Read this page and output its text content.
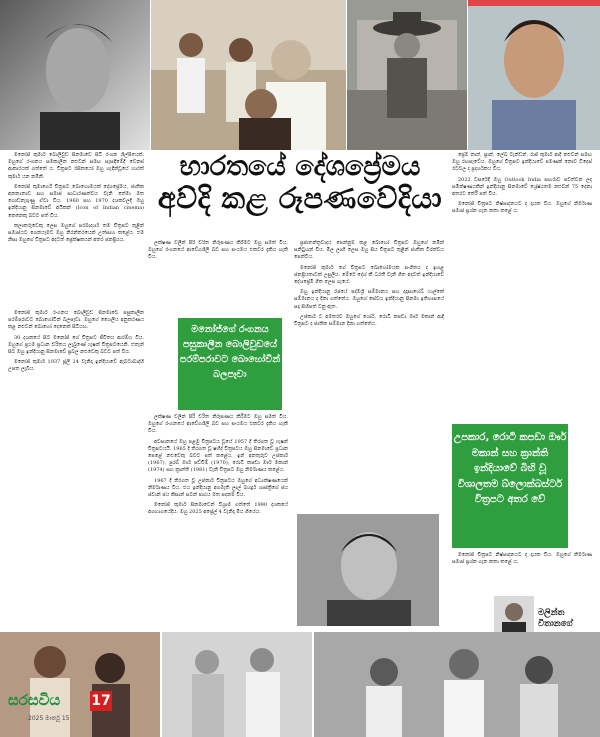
භාරතයේ දේශප්‍රේමය
අව්දි කළ රූපණවේදියා

මනෝජ් කුමාර් බොලිවුඩ් සිනමාවේ සිටි රංගන ශිල්පියෙක්. ඔහුගේ රංගනය සමකාලීන නළුවන් සමඟ සැසඳීමේදී වෙනස් ආකාරයක් ගත්තේ ය. චිත්‍රපට රසිකයෝ ඔහු හැඳින්වූයේ භාරත් කුමාර් යන නමිනි.

මනෝජ් කුමාර්ගේ චිත්‍රපට බොහොමයක් දේශප්‍රේමය, ජාතික අනන්‍යතාව සහ සමාජ සාධාරණත්වය වැනි තේමා මත ගොඩනැගුණු ඒවා විය. 1960 සහ 1970 දශකවලදී ඔහු ඉන්දියානු සිනමාවේ අයිකන් (Icon of Indian cinema) කෙනෙකු බවට පත් විය.

කලාකරුවෙකු ලෙස ඔහුගේ පරමාදර්ශ තම චිත්‍රපට තුළින් සමාජයට ගෙනයෑමට ඔහු නිරන්තරයෙන් උත්සාහ කළේය. එම නිසා ඔහුගේ චිත්‍රපට අදටත් ප්‍රේක්ෂකයන් අතර ජනප්‍රියය.

මනෝජ් කුමාර් රංගනය බොලිවුඩ් සිනමාවේ පසුකාලීන පරම්පරාවට බොහෝවින් බලපෑවා. ඔහුගේ ශෛලිය අනුකරණය කළ නළුවන් බොහෝ දෙනෙක් සිටියහ.

30 දශකයේ සිට මනෝජ් ගේ චිත්‍රපට ජීවිතය ආරම්භ විය. ඔහුගේ ප්‍රථම ප්‍රධාන චරිතය ලැබුණේ ෆැෂන් චිත්‍රපටයෙනි. එතැන් සිට ඔහු ඉන්දියානු සිනමාවේ ප්‍රබල නළුවෙකු බවට පත් විය.

මනෝජ් කුමාර් 1937 ජූලි 24 වැනිදා ඉන්දියාවේ ඇබටාබාද්හි උපත ලැබීය.

ලක්ෂණ වලින් පිරි චරිත නිරූපණය කිරීමට ඔහු සමත් විය. ඔහුගේ රංගනයේ ආවේගශීලී බව සහ සංයමය එකවර දැකිය හැකි විය.

අවසානයේ ඔහු පළමු විත්‍රපටය වූයේ 1957 දී තිරගත වූ ෆැෂන් චිත්‍රපටයයි. 1965 දී තිරගත වූ ෂහීද් චිත්‍රපටය ඔහු සිනමාවේ ප්‍රධාන පෙළේ නළුවෙකු බවට පත් කළේය. ඉන් අනතුරුව උප්කාර් (1967), පුරබ් ඖර් පච්චිම් (1970), රොටි කපඩා ඖර් මකාන් (1974) සහ ක්‍රාන්ති (1981) වැනි චිත්‍රපට ඔහු නිර්මාණය කළේය.

1967 දී තිරගත වූ උප්කාර් චිත්‍රපටය ඔහුගේ අධ්‍යක්ෂණයෙන් නිර්මාණය විය. එය ඉන්දියානු අගමැති ලාල් බහදූර් ශාස්ත්‍රීගේ ජය ජවාන් ජය කිසාන් සටන් පාඨය මත පදනම් විය.

මනෝජ් කුමාර් සිනමාවෙන් විශ්‍රාම ගත්තේ 1990 දශකයේ අගභාගයේදීය. ඔහු 2025 අප්‍රේල් 4 වැනිදා මිය ගියේය.

ලක්ෂණ වලින් පිරි චරිත නිරූපණය කිරීමට ඔහු සමත් විය. ඔහුගේ රංගනයේ ආවේගශීලී බව සහ සංයමය එකවර දැකිය හැකි විය.

මනෝජ්ගේ රංගනය පසුකාලීන බොලිවුඩයේ පරම්පරාවට බොහෝවින් බලපෑවා

ප්‍රජාතන්ත්‍රවාදය පෙන්නුම් කළ බොහෝ චිත්‍රපට ඔහුගේ නමින් සනිටුහන් විය. මිල ලාභී ලෙස ඔහු සිය චිත්‍රපට තුළින් ජාතික වීරත්වය පෙන්වීය.

මනෝජ් කුමාර් ගේ චිත්‍රපට බොහෝමයක සංගීතය ද ඉහළ ජනප්‍රියතාවක් උසුලීය. මේරේ දේශ් කී ධරතී වැනි ගීත අදටත් ඉන්දියාවේ දේශප්‍රේමී ගීත ලෙස ගැයේ.

ඔහු ඉන්දියානු රජයේ පද්මශ්‍රී සම්මානය සහ දාදාසාහේබ් ෆාල්කේ සම්මානය ද දිනා ගත්තේය. ඔහුගේ සේවය ඉන්දියානු සිනමා ඉතිහාසයේ සදා සිහිපත් වනු ඇත.

උප්කාර් ට අමතරව ඔහුගේ ශෝර්, රොටි කපඩා ඖර් මකාන් ආදී චිත්‍රපට ද ජාතික සම්මාන දිනා ගත්තේය.

ප්‍රේම් නාත්, ප්‍රාන්, ලේඛ් ටැන්ඩන්, රාජ් කුමාර් ආදී නළුවන් සමඟ ඔහු රඟපෑවේය. ඔහුගේ චිත්‍රපට ඉන්දියාවේ පමණක් නොව විදෙස් රටවල ද ප්‍රදර්ශනය විය.

2022 වසරේදී ඔහු Outlook India සඟරාව පවත්වන ලද සමීක්ෂණයකින් ඉන්දියානු සිනමාවේ ශ්‍රේෂ්ඨතම නළුවන් 75 දෙනා අතරට තේරී පත් විය.

මනෝජ් චිත්‍රපට නිෂ්පාදනයට ද දායක විය. ඔහුගේ නිර්මාණ සමාජ ප්‍රශ්න ගැන කතා කළේ ය.

උපකාර, රොටි කපඩා ඖර් මකාන් සහ ක්‍රාන්ති ඉන්දියාවේ බිහි වූ විශාලතම බ්ලොක්බස්ටර් විත්‍රපට අතර වේ

මනෝජ් චිත්‍රපට නිෂ්පාදනයට ද දායක විය. ඔහුගේ නිර්මාණ සමාජ ප්‍රශ්න ගැන කතා කළේ ය.

මලින්ත විතානගේ
සරසවිය 17
2025 මාර්තු 15
